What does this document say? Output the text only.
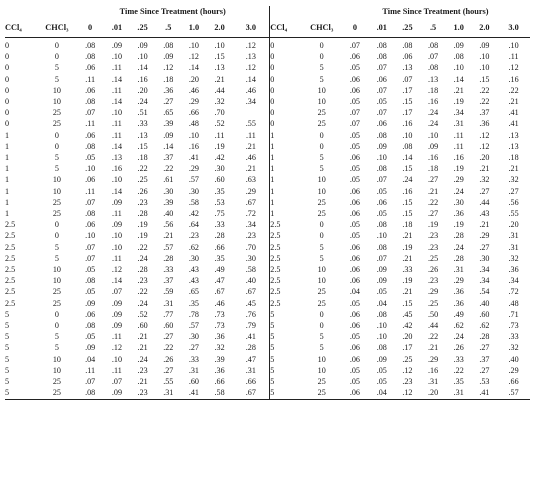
		Time Since Treatment (hours)									Time Since Treatment (hours)						
CCl₄	CHCl₃	0	.01	.25	.5	1.0	2.0	3.0	CCl₄	CHCl₃	0	.01	.25	.5	1.0	2.0	3.0
0	0	.08	.09	.09	.08	.10	.10	.12	0	0	.07	.08	.08	.08	.09	.09	.10
0	0	.08	.10	.10	.09	.12	.15	.13	0	0	.06	.08	.06	.07	.08	.10	.11
0	5	.06	.11	.14	.12	.14	.13	.12	0	5	.05	.07	.13	.08	.10	.10	.12
0	5	.11	.14	.16	.18	.20	.21	.14	0	5	.06	.06	.07	.13	.14	.15	.16
0	10	.06	.11	.20	.36	.46	.44	.46	0	10	.06	.07	.17	.18	.21	.22	.22
0	10	.08	.14	.24	.27	.29	.32	.34	0	10	.05	.05	.15	.16	.19	.22	.21
0	25	.07	.10	.51	.65	.66	.70		0	25	.07	.07	.17	.24	.34	.37	.41
0	25	.11	.11	.33	.39	.48	.52	.55	0	25	.07	.06	.16	.24	.31	.36	.41
1	0	.06	.11	.13	.09	.10	.11	.11	1	0	.05	.08	.10	.10	.11	.12	.13
1	0	.08	.14	.15	.14	.16	.19	.21	1	0	.05	.09	.08	.09	.11	.12	.13
1	5	.05	.13	.18	.37	.41	.42	.46	1	5	.06	.10	.14	.16	.16	.20	.18
1	5	.10	.16	.22	.22	.29	.30	.21	1	5	.05	.08	.15	.18	.19	.21	.21
1	10	.06	.10	.25	.61	.57	.60	.63	1	10	.05	.07	.24	.27	.29	.32	.32
1	10	.11	.14	.26	.30	.30	.35	.29	1	10	.06	.05	.16	.21	.24	.27	.27
1	25	.07	.09	.23	.39	.58	.53	.67	1	25	.06	.06	.15	.22	.30	.44	.56
1	25	.08	.11	.28	.40	.42	.75	.72	1	25	.06	.05	.15	.27	.36	.43	.55
2.5	0	.06	.09	.19	.56	.64	.33	.34	2.5	0	.05	.08	.18	.19	.19	.21	.20
2.5	0	.10	.10	.19	.21	.23	.28	.23	2.5	0	.05	.10	.21	.23	.28	.29	.31
2.5	5	.07	.10	.22	.57	.62	.66	.70	2.5	5	.06	.08	.19	.23	.24	.27	.31
2.5	5	.07	.11	.24	.28	.30	.35	.30	2.5	5	.06	.07	.21	.25	.28	.30	.32
2.5	10	.05	.12	.28	.33	.43	.49	.58	2.5	10	.06	.09	.33	.26	.31	.34	.36
2.5	10	.08	.14	.23	.37	.43	.47	.40	2.5	10	.06	.09	.19	.23	.29	.34	.34
2.5	25	.05	.07	.22	.59	.65	.67	.67	2.5	25	.04	.05	.21	.29	.36	.54	.72
2.5	25	.09	.09	.24	.31	.35	.46	.45	2.5	25	.05	.04	.15	.25	.36	.40	.48
5	0	.06	.09	.52	.77	.78	.73	.76	5	0	.06	.08	.45	.50	.49	.60	.71
5	0	.08	.09	.60	.60	.57	.73	.79	5	0	.06	.10	.42	.44	.62	.62	.73
5	5	.05	.11	.21	.27	.30	.36	.41	5	5	.05	.10	.20	.22	.24	.28	.33
5	5	.09	.12	.21	.22	.27	.32	.28	5	5	.06	.08	.17	.21	.26	.27	.32
5	10	.04	.10	.24	.26	.33	.39	.47	5	10	.06	.09	.25	.29	.33	.37	.40
5	10	.11	.11	.23	.27	.31	.36	.31	5	10	.05	.05	.12	.16	.22	.27	.29
5	25	.07	.07	.21	.55	.60	.66	.66	5	25	.05	.05	.23	.31	.35	.53	.66
5	25	.08	.09	.23	.31	.41	.58	.67	5	25	.06	.04	.12	.20	.31	.41	.57
